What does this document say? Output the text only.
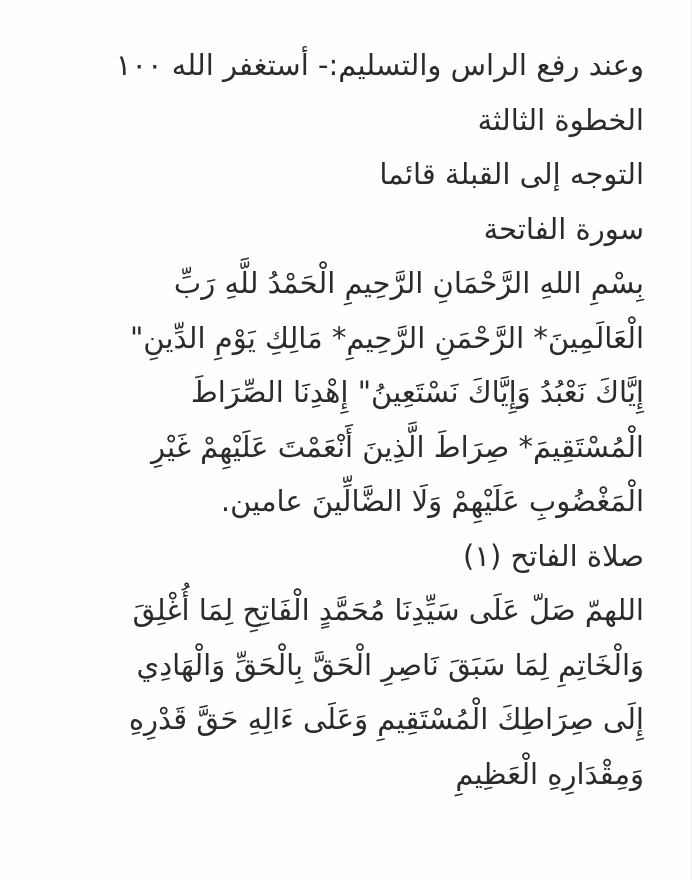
وعند رفع الراس والتسليم:- أستغفر الله ١٠٠
الخطوة الثالثة
التوجه إلى القبلة قائما
سورة الفاتحة
بِسْمِ اللهِ الرَّحْمَانِ الرَّحِيمِ الْحَمْدُ للَّهِ رَبِّ
الْعَالَمِينَ* الرَّحْمَنِ الرَّحِيمِ* مَالِكِ يَوْمِ الدِّينِ"
إِيَّاكَ نَعْبُدُ وَإِيَّاكَ نَسْتَعِينُ" إِهْدِنَا الصِّرَاطَ
الْمُسْتَقِيمَ* صِرَاطَ الَّذِينَ أَنْعَمْتَ عَلَيْهِمْ غَيْرِ
الْمَغْضُوبِ عَلَيْهِمْ وَلَا الضَّالِّينَ عامين.
صلاة الفاتح (١)
اللهمّ صَلّ عَلَى سَيِّدِنَا مُحَمَّدٍ الْفَاتِحِ لِمَا أُغْلِقَ
وَالْخَاتِمِ لِمَا سَبَقَ نَاصِرِ الْحَقَّ بِالْحَقِّ وَالْهَادِي
إِلَى صِرَاطِكَ الْمُسْتَقِيمِ وَعَلَى ءَالِهِ حَقَّ قَدْرِهِ
وَمِقْدَارِهِ الْعَظِيمِ
